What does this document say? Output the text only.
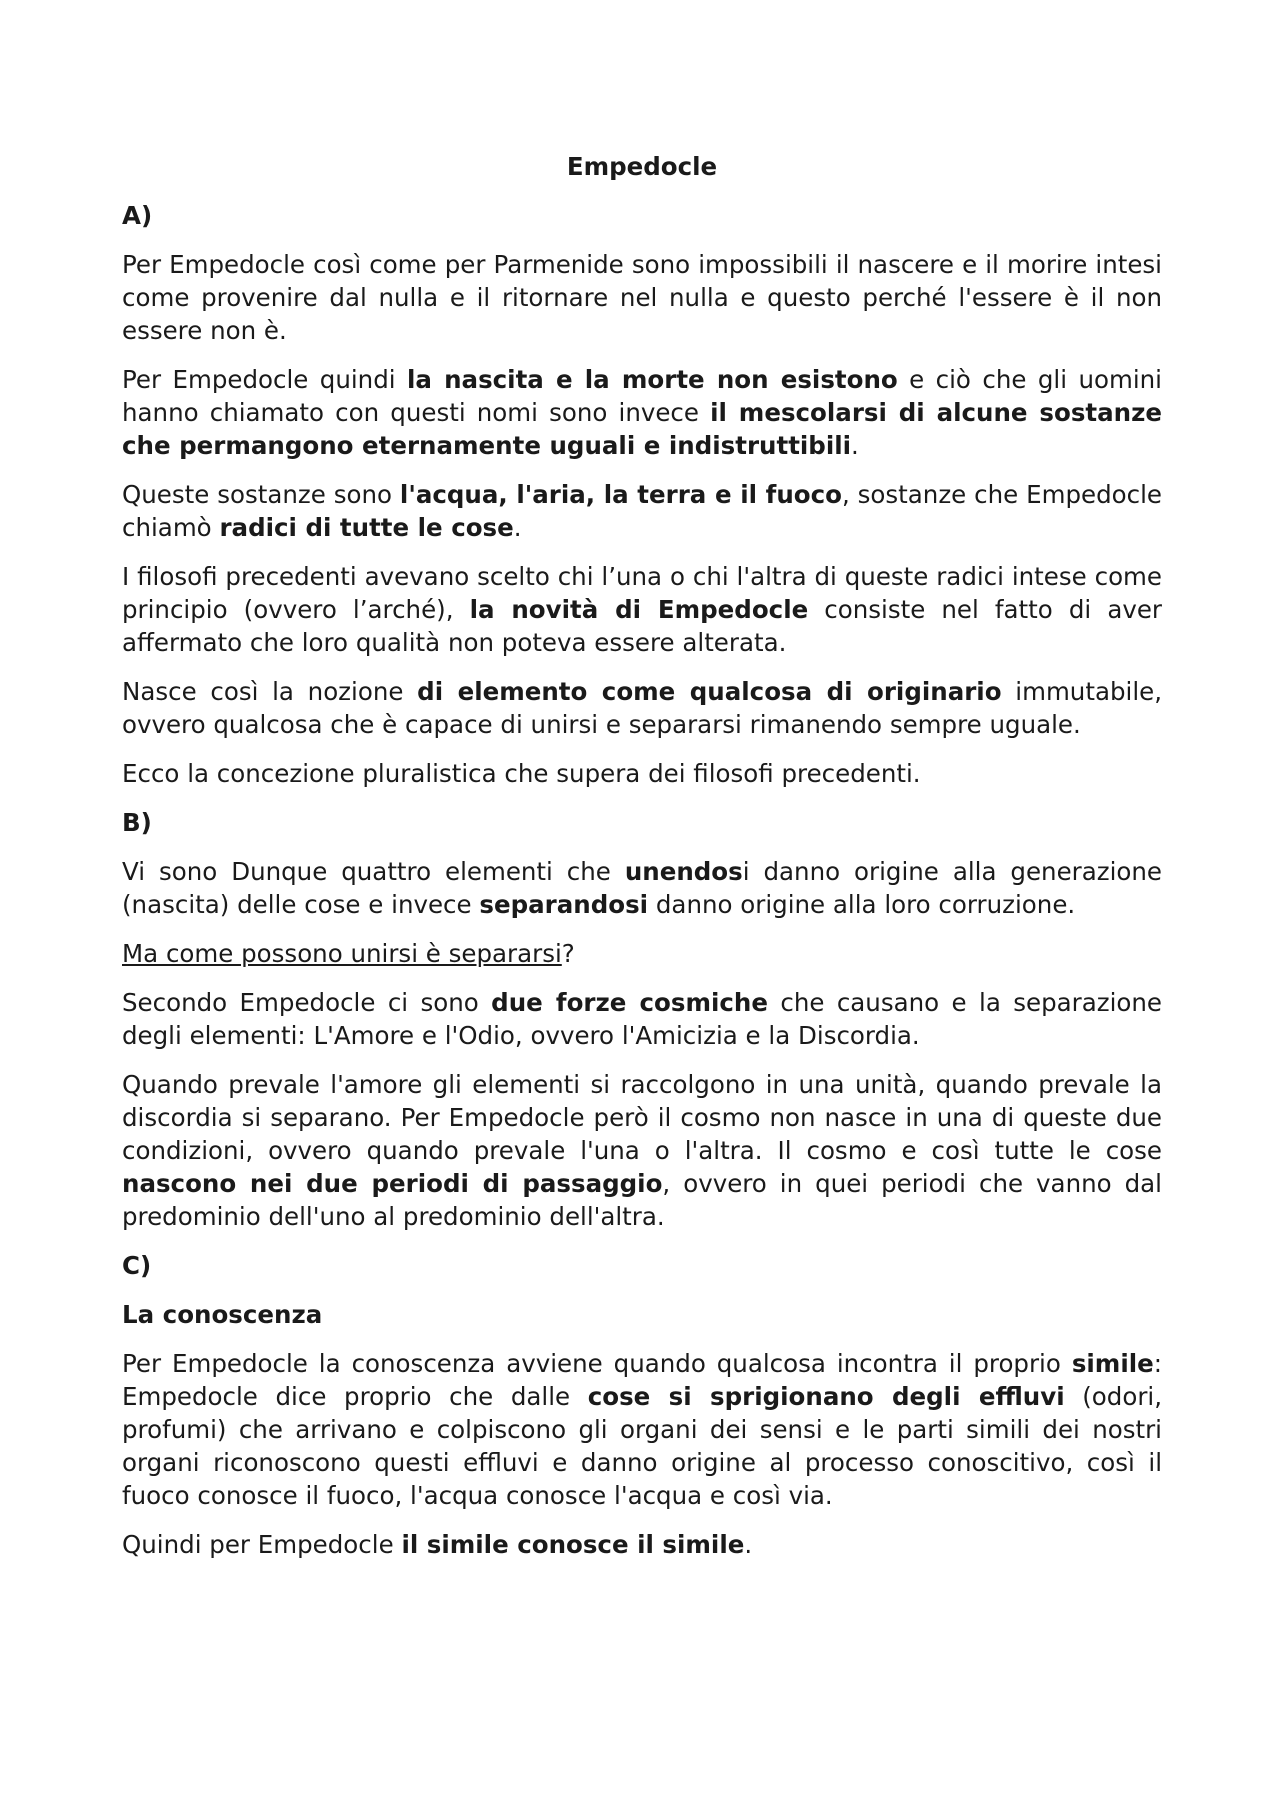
Empedocle
A)
Per Empedocle così come per Parmenide sono impossibili il nascere e il morire intesi come provenire dal nulla e il ritornare nel nulla e questo perché l'essere è il non essere non è.
Per Empedocle quindi la nascita e la morte non esistono e ciò che gli uomini hanno chiamato con questi nomi sono invece il mescolarsi di alcune sostanze che permangono eternamente uguali e indistruttibili.
Queste sostanze sono l'acqua, l'aria, la terra e il fuoco, sostanze che Empedocle chiamò radici di tutte le cose.
I filosofi precedenti avevano scelto chi l’una o chi l'altra di queste radici intese come principio (ovvero l’arché), la novità di Empedocle consiste nel fatto di aver affermato che loro qualità non poteva essere alterata.
Nasce così la nozione di elemento come qualcosa di originario immutabile, ovvero qualcosa che è capace di unirsi e separarsi rimanendo sempre uguale.
Ecco la concezione pluralistica che supera dei filosofi precedenti.
B)
Vi sono Dunque quattro elementi che unendosi danno origine alla generazione (nascita) delle cose e invece separandosi danno origine alla loro corruzione.
Ma come possono unirsi è separarsi?
Secondo Empedocle ci sono due forze cosmiche che causano e la separazione degli elementi: L'Amore e l'Odio, ovvero l'Amicizia e la Discordia.
Quando prevale l'amore gli elementi si raccolgono in una unità, quando prevale la discordia si separano. Per Empedocle però il cosmo non nasce in una di queste due condizioni, ovvero quando prevale l'una o l'altra. Il cosmo e così tutte le cose nascono nei due periodi di passaggio, ovvero in quei periodi che vanno dal predominio dell'uno al predominio dell'altra.
C)
La conoscenza
Per Empedocle la conoscenza avviene quando qualcosa incontra il proprio simile: Empedocle dice proprio che dalle cose si sprigionano degli effluvi (odori, profumi) che arrivano e colpiscono gli organi dei sensi e le parti simili dei nostri organi riconoscono questi effluvi e danno origine al processo conoscitivo, così il fuoco conosce il fuoco, l'acqua conosce l'acqua e così via.
Quindi per Empedocle il simile conosce il simile.
